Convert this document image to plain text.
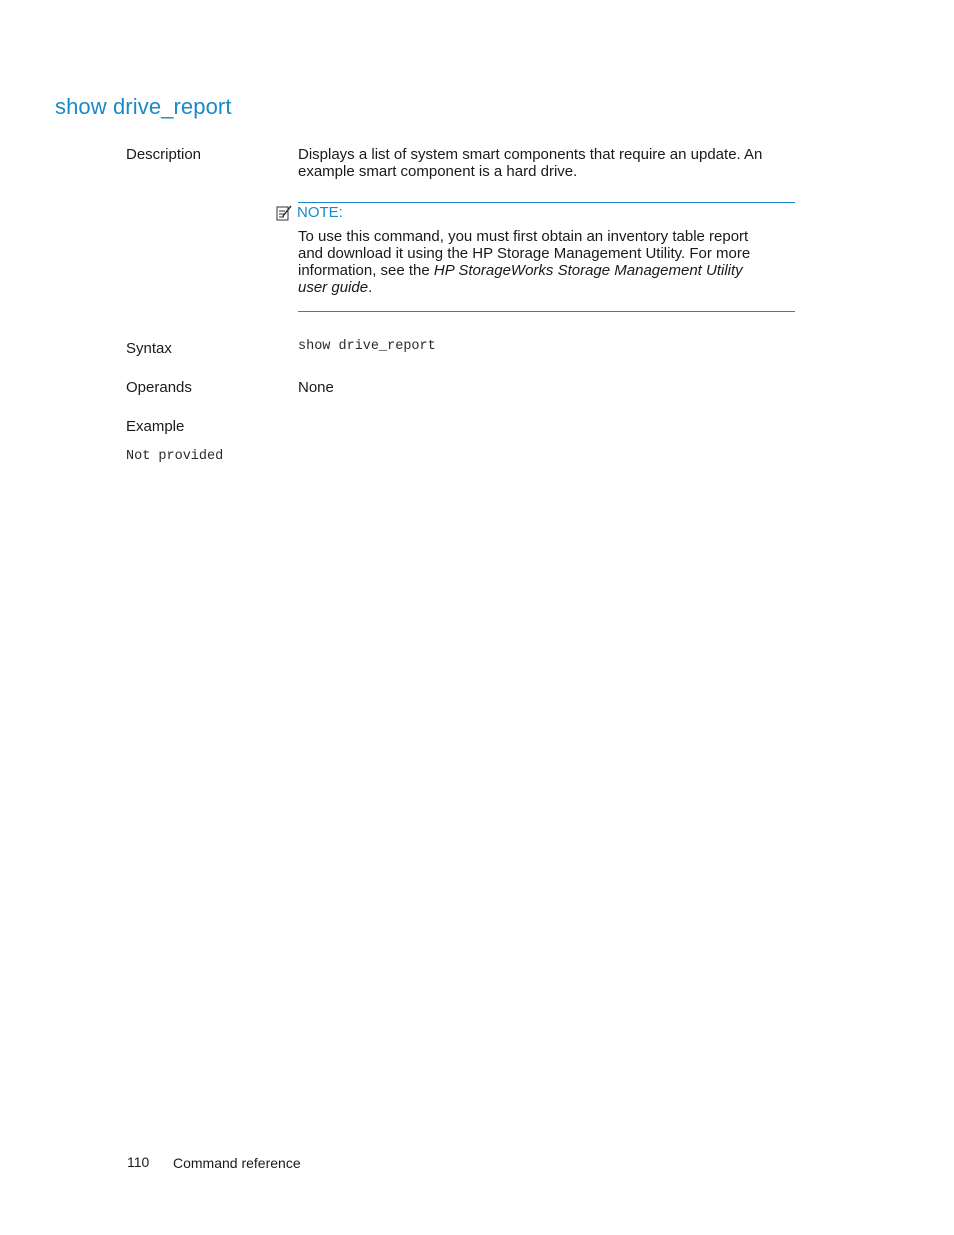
show drive_report
Description	Displays a list of system smart components that require an update. An example smart component is a hard drive.
NOTE:
To use this command, you must first obtain an inventory table report and download it using the HP Storage Management Utility. For more information, see the HP StorageWorks Storage Management Utility user guide.
Syntax	show drive_report
Operands	None
Example
Not provided
110 Command reference
